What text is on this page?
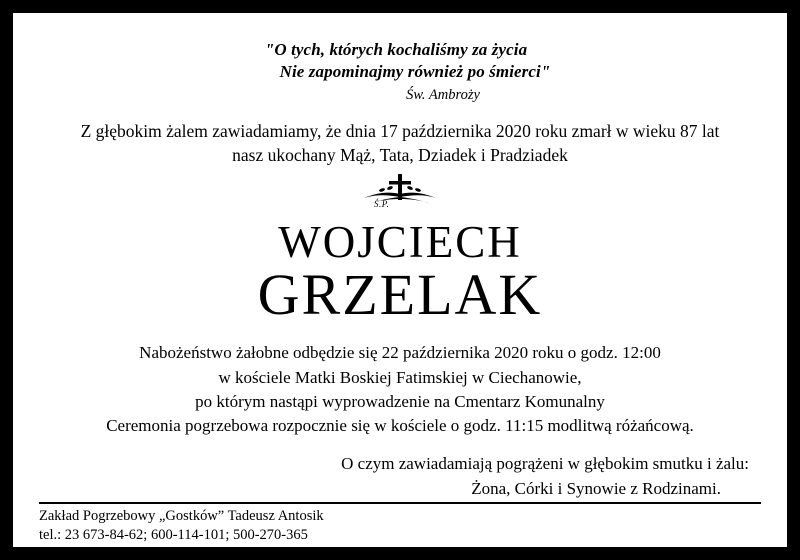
"O tych, których kochaliśmy za życia
Nie zapominajmy również po śmierci"
Św. Ambroży
Z głębokim żalem zawiadamiamy, że dnia 17 października 2020 roku zmarł w wieku 87 lat
nasz ukochany Mąż, Tata, Dziadek i Pradziadek
Ś.P.
WOJCIECH
GRZELAK
Nabożeństwo żałobne odbędzie się 22 października 2020 roku o godz. 12:00
w kościele Matki Boskiej Fatimskiej w Ciechanowie,
po którym nastąpi wyprowadzenie na Cmentarz Komunalny
Ceremonia pogrzebowa rozpocznie się w kościele o godz. 11:15 modlitwą różańcową.
O czym zawiadamiają pogrążeni w głębokim smutku i żalu:
Żona, Córki i Synowie z Rodzinami.
Zakład Pogrzebowy „Gostków” Tadeusz Antosik
tel.: 23 673-84-62; 600-114-101; 500-270-365
